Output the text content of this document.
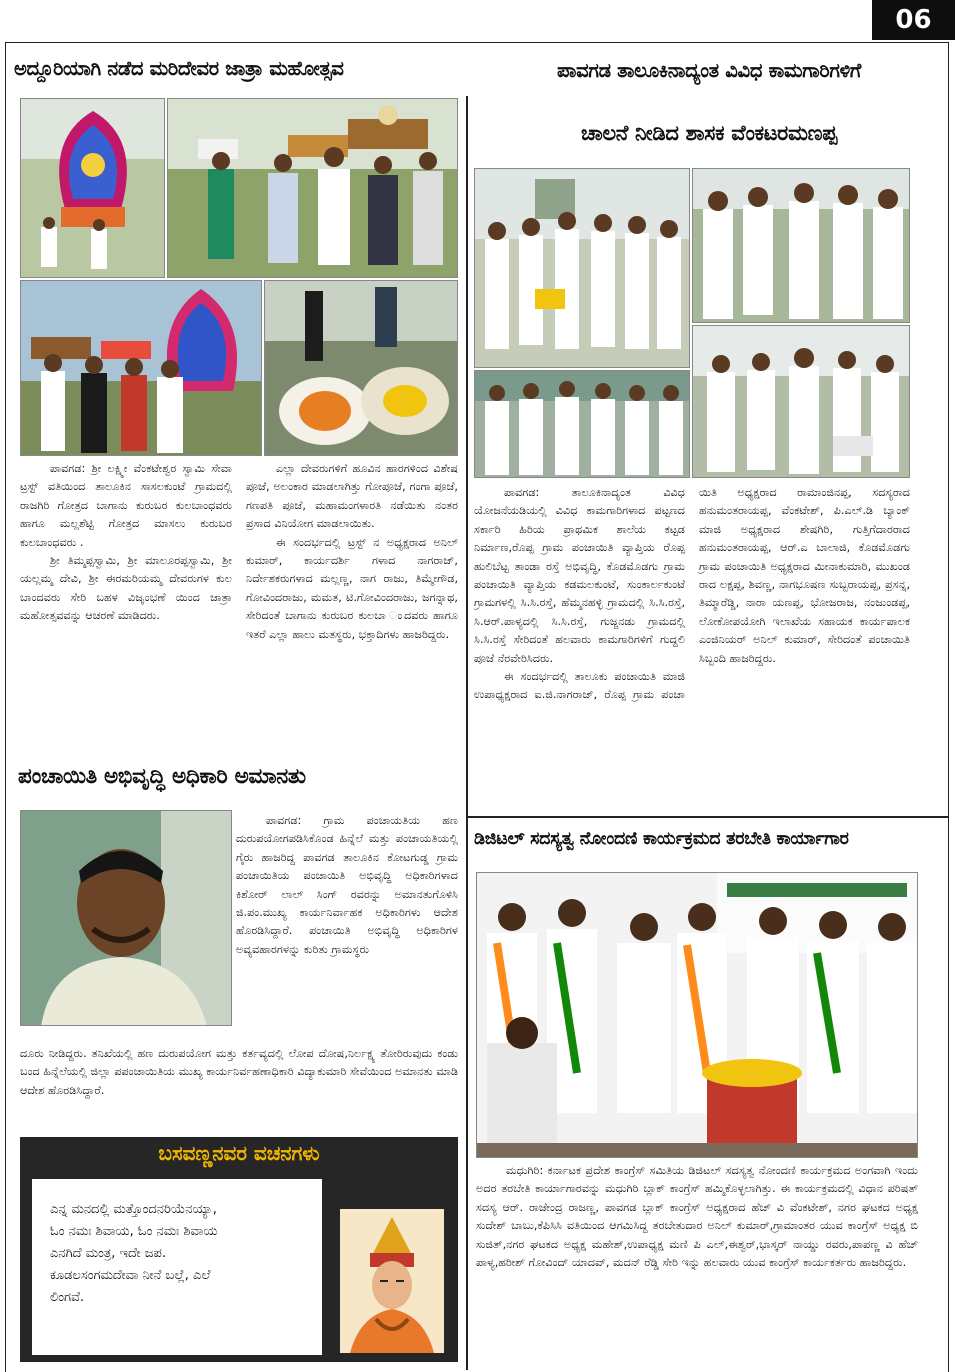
06
ಅದ್ದೂರಿಯಾಗಿ ನಡೆದ ಮರಿದೇವರ ಜಾತ್ರಾ ಮಹೋತ್ಸವ

ಪಾವಗಡ: ಶ್ರೀ ಲಕ್ಷ್ಮೀ ವೆಂಕಟೇಶ್ವರ ಸ್ವಾಮಿ ಸೇವಾ ಟ್ರಸ್ಟ್ ವತಿಯಿಂದ ತಾಲೂಕಿನ ಸಾಸಲಕುಂಟೆ ಗ್ರಾಮದಲ್ಲಿ ರಾಜಗಿರಿ ಗೋತ್ರದ ಬಾಗಾನು ಕುರುಬರ ಕುಲಬಾಂಧವರು ಹಾಗೂ ಮಲ್ಲಶೆಟ್ಟಿ ಗೋತ್ರದ ಮಾಸಲು ಕುರುಬರ ಕುಲಬಾಂಧವರು .

ಶ್ರೀ ತಿಮ್ಮಪ್ಪಸ್ವಾಮಿ, ಶ್ರೀ ಮಾಲೂರಪ್ಪಸ್ವಾಮಿ, ಶ್ರೀ ಯಲ್ಲಮ್ಮ ದೇವಿ, ಶ್ರೀ ಈರಮರಿಯಮ್ಮ ದೇವರುಗಳ ಕುಲ ಬಾಂದವರು ಸೇರಿ ಬಹಳ ವಿಜೃಂಭಣೆ ಯಿಂದ ಜಾತ್ರಾ ಮಹೋತ್ಸವವನ್ನು ಆಚರಣೆ ಮಾಡಿದರು.

ಎಲ್ಲಾ ದೇವರುಗಳಿಗೆ ಹೂವಿನ ಹಾರಗಳಿಂದ ವಿಶೇಷ ಪೂಜೆ, ಅಲಂಕಾರ ಮಾಡಲಾಗಿತ್ತು ಗೋಪೂಜೆ, ಗಂಗಾ ಪೂಜೆ, ಗಣಪತಿ ಪೂಜೆ, ಮಹಾಮಂಗಳಾರತಿ ನಡೆಯಿತು ನಂತರ ಪ್ರಸಾದ ವಿನಿಯೋಗ ಮಾಡಲಾಯಿತು.

ಈ ಸಂದರ್ಭದಲ್ಲಿ ಟ್ರಸ್ಟ್ ನ ಅಧ್ಯಕ್ಷರಾದ ಅನಿಲ್ ಕುಮಾರ್, ಕಾರ್ಯದರ್ಶಿ ಗಳಾದ ನಾಗರಾಜ್, ನಿರ್ದೇಶಕರುಗಳಾದ ಮಲ್ಲಣ್ಣ, ನಾಗ ರಾಜು, ತಿಮ್ಮೇಗೌಡ, ಗೋವಿಂದರಾಜು, ಮಮತ, ಟಿ.ಗೋವಿಂದರಾಜು, ಜಗನ್ನಾಥ, ಸೇರಿದಂತೆ ಬಾಗಾನು ಕುರುಬರ ಕುಲಬಾ ಂದವರು ಹಾಗೂ ಇತರೆ ಎಲ್ಲಾ ಹಾಲು ಮತಸ್ಥರು, ಭಕ್ತಾದಿಗಳು ಹಾಜರಿದ್ದರು.

ಪಾವಗಡ ತಾಲೂಕಿನಾದ್ಯಂತ ವಿವಿಧ ಕಾಮಗಾರಿಗಳಿಗೆ
ಚಾಲನೆ ನೀಡಿದ ಶಾಸಕ ವೆಂಕಟರಮಣಪ್ಪ

ಪಾವಗಡ: ತಾಲೂಕಿನಾದ್ಯಂತ ವಿವಿಧ ಯೋಜನೆಯಡಿಯಲ್ಲಿ ವಿವಿಧ ಕಾಮಗಾರಿಗಳಾದ ಪಟ್ಟಣದ ಸರ್ಕಾರಿ ಹಿರಿಯ ಪ್ರಾಥಮಿಕ ಶಾಲೆಯ ಕಟ್ಟಡ ನಿರ್ಮಾಣ,ರೊಪ್ಪ ಗ್ರಾಮ ಪಂಚಾಯಿತಿ ವ್ಯಾಪ್ತಿಯ ರೊಪ್ಪ ಹುಲಿಬೆಟ್ಟ ತಾಂಡಾ ರಸ್ತೆ ಅಭಿವೃದ್ಧಿ, ಕೊಡಮೊಡಗು ಗ್ರಾಮ ಪಂಚಾಯಿತಿ ವ್ಯಾಪ್ತಿಯ ಕಡಮಲಕುಂಟೆ, ಸುಂಕಾರ್ಲಕುಂಟೆ ಗ್ರಾಮಗಳಲ್ಲಿ ಸಿ.ಸಿ.ರಸ್ತೆ, ಹೆಮ್ಮನಹಳ್ಳಿ ಗ್ರಾಮದಲ್ಲಿ ಸಿ.ಸಿ.ರಸ್ತೆ, ಸಿ.ಆರ್.ಪಾಳ್ಯದಲ್ಲಿ ಸಿ.ಸಿ.ರಸ್ತೆ, ಗುಜ್ಜನಡು ಗ್ರಾಮದಲ್ಲಿ ಸಿ.ಸಿ.ರಸ್ತೆ ಸೇರಿದಂತೆ ಹಲವಾರು ಕಾಮಗಾರಿಗಳಿಗೆ ಗುದ್ದಲಿ ಪೂಜೆ ನೆರವೇರಿಸಿದರು.

ಈ ಸಂದರ್ಭದಲ್ಲಿ ತಾಲೂಕು ಪಂಚಾಯಿತಿ ಮಾಜಿ ಉಪಾಧ್ಯಕ್ಷರಾದ ಐ.ಜಿ.ನಾಗರಾಜ್, ರೊಪ್ಪ ಗ್ರಾಮ ಪಂಚಾ ಯಿತಿ ಅಧ್ಯಕ್ಷರಾದ ರಾಮಾಂಜಿನಪ್ಪ, ಸದಸ್ಯರಾದ ಹನುಮಂತರಾಯಪ್ಪ, ವೆಂಕಟೇಶ್, ಪಿ.ಎಲ್.ಡಿ ಬ್ಯಾಂಕ್ ಮಾಜಿ ಅಧ್ಯಕ್ಷರಾದ ಶೇಷಗಿರಿ, ಗುತ್ತಿಗೆದಾರರಾದ ಹನುಮಂತರಾಯಪ್ಪ, ಆರ್.ಎ ಬಾಲಾಜಿ, ಕೊಡಮೊಡಗು ಗ್ರಾಮ ಪಂಚಾಯಿತಿ ಅಧ್ಯಕ್ಷರಾದ ಮೀನಾಕುಮಾರಿ, ಮುಖಂಡ ರಾದ ಲಕ್ಷಪ್ಪ, ಶಿವಣ್ಣ, ನಾಗಭೂಷಣ ಸುಬ್ಬರಾಯಪ್ಪ, ಪ್ರಸನ್ನ, ತಿಮ್ಮಾರೆಡ್ಡಿ, ನಾರಾ ಯಣಪ್ಪ, ಭೋಜರಾಜ, ನಂಜುಂಡಪ್ಪ, ಲೋಕೋಪಯೋಗಿ ಇಲಾಖೆಯ ಸಹಾಯಕ ಕಾರ್ಯಪಾಲಕ ಎಂಜಿನಿಯರ್ ಅನಿಲ್ ಕುಮಾರ್, ಸೇರಿದಂತೆ ಪಂಚಾಯಿತಿ ಸಿಬ್ಬಂದಿ ಹಾಜರಿದ್ದರು.

ಪಂಚಾಯಿತಿ ಅಭಿವೃದ್ಧಿ ಅಧಿಕಾರಿ ಅಮಾನತು
ಪಾವಗಡ: ಗ್ರಾಮ ಪಂಚಾಯತಿಯ ಹಣ ದುರುಪಯೋಗಪಡಿಸಿಕೊಂಡ ಹಿನ್ನೆಲೆ ಮತ್ತು ಪಂಚಾಯತಿಯಲ್ಲಿ ಗೈರು ಹಾಜರಿದ್ದ ಪಾವಗಡ ತಾಲೂಕಿನ ಕೋಟಗುಡ್ಡ ಗ್ರಾಮ ಪಂಚಾಯಿತಿಯ ಪಂಚಾಯಿತಿ ಅಭಿವೃದ್ಧಿ ಅಧಿಕಾರಿಗಳಾದ ಕಿಶೋರ್ ಲಾಲ್ ಸಿಂಗ್ ರವರನ್ನು ಅಮಾನತುಗೊಳಿಸಿ ಜಿ.ಪಂ.ಮುಖ್ಯ ಕಾರ್ಯನಿರ್ವಾಹಕ ಅಧಿಕಾರಿಗಳು ಆದೇಶ ಹೊರಡಿಸಿದ್ದಾರೆ. ಪಂಚಾಯಿತಿ ಅಭಿವೃದ್ಧಿ ಅಧಿಕಾರಿಗಳ ಅವ್ಯವಹಾರಗಳನ್ನು ಕುರಿತು ಗ್ರಾಮಸ್ಥರು
ದೂರು ನೀಡಿದ್ದರು. ತನಿಖೆಯಲ್ಲಿ ಹಣ ದುರುಪಯೋಗ ಮತ್ತು ಕರ್ತವ್ಯದಲ್ಲಿ ಲೋಪ ದೋಷ,ನಿರ್ಲಕ್ಷ್ಯ ತೋರಿರುವುದು ಕಂಡು ಬಂದ ಹಿನ್ನೆಲೆಯಲ್ಲಿ ಜಿಲ್ಲಾ ಪಪಂಚಾಯಿತಿಯ ಮುಖ್ಯ ಕಾರ್ಯನಿರ್ವಹಣಾಧಿಕಾರಿ ವಿದ್ಯಾಕುಮಾರಿ ಸೇವೆಯಿಂದ ಅಮಾನತು ಮಾಡಿ ಆದೇಶ ಹೊರಡಿಸಿದ್ದಾರೆ.
ಬಸವಣ್ಣನವರ ವಚನಗಳು
ಎನ್ನ ಮನದಲ್ಲಿ ಮತ್ತೊಂದನರಿಯೆನಯ್ಯಾ,
ಓಂ ನಮಃ ಶಿವಾಯ, ಓಂ ನಮಃ ಶಿವಾಯ
ಎನಗಿದೆ ಮಂತ್ರ, ಇದೇ ಜಪ.
ಕೂಡಲಸಂಗಮದೇವಾ ನೀನೆ ಬಲ್ಲೆ, ಎಲೆ
ಲಿಂಗವೆ.
ಡಿಜಿಟಲ್ ಸದಸ್ಯತ್ವ ನೋಂದಣಿ ಕಾರ್ಯಕ್ರಮದ ತರಬೇತಿ ಕಾರ್ಯಾಗಾರ
ಮಧುಗಿರಿ: ಕರ್ನಾಟಕ ಪ್ರದೇಶ ಕಾಂಗ್ರೆಸ್ ಸಮಿತಿಯ ಡಿಜಿಟಲ್ ಸದಸ್ಯತ್ವ ನೋಂದಣಿ ಕಾರ್ಯಕ್ರಮದ ಅಂಗವಾಗಿ ಇಂದು ಅದರ ತರಬೇತಿ ಕಾರ್ಯಾಗಾರವನ್ನು ಮಧುಗಿರಿ ಬ್ಲಾಕ್ ಕಾಂಗ್ರೆಸ್ ಹಮ್ಮಿಕೊಳ್ಳಲಾಗಿತ್ತು. ಈ ಕಾರ್ಯಕ್ರಮದಲ್ಲಿ ವಿಧಾನ ಪರಿಷತ್ ಸದಸ್ಯ ಆರ್. ರಾಜೇಂದ್ರ ರಾಜಣ್ಣ, ಪಾವಗಡ ಬ್ಲಾಕ್ ಕಾಂಗ್ರೆಸ್ ಅಧ್ಯಕ್ಷರಾದ ಹೆಚ್ ವಿ ವೆಂಕಟೇಶ್, ನಗರ ಘಟಕದ ಅಧ್ಯಕ್ಷ ಸುದೇಶ್ ಬಾಬು,ಕೆಪಿಸಿಸಿ ವತಿಯಿಂದ ಆಗಮಿಸಿದ್ದ ತರಬೇತುದಾರ ಅನಿಲ್ ಕುಮಾರ್,ಗ್ರಾಮಾಂತರ ಯುವ ಕಾಂಗ್ರೆಸ್ ಅಧ್ಯಕ್ಷ ಬಿ ಸುಜಿತ್,ನಗರ ಘಟಕದ ಅಧ್ಯಕ್ಷ ಮಹೇಶ್,ಉಪಾಧ್ಯಕ್ಷ ಮಣಿ ಪಿ ಎಲ್,ಈಶ್ವರ್,ಭಾಸ್ಕರ್ ನಾಯ್ಡು ರವರು,ಪಾಪಣ್ಣ ವಿ ಹೆಚ್ ಪಾಳ್ಯ,ಹರೀಶ್ ಗೋವಿಂದ್ ಯಾದವ್, ಮದನ್ ರೆಡ್ಡಿ ಸೇರಿ ಇನ್ನು ಹಲವಾರು ಯುವ ಕಾಂಗ್ರೆಸ್ ಕಾರ್ಯಕರ್ತರು ಹಾಜರಿದ್ದರು.
